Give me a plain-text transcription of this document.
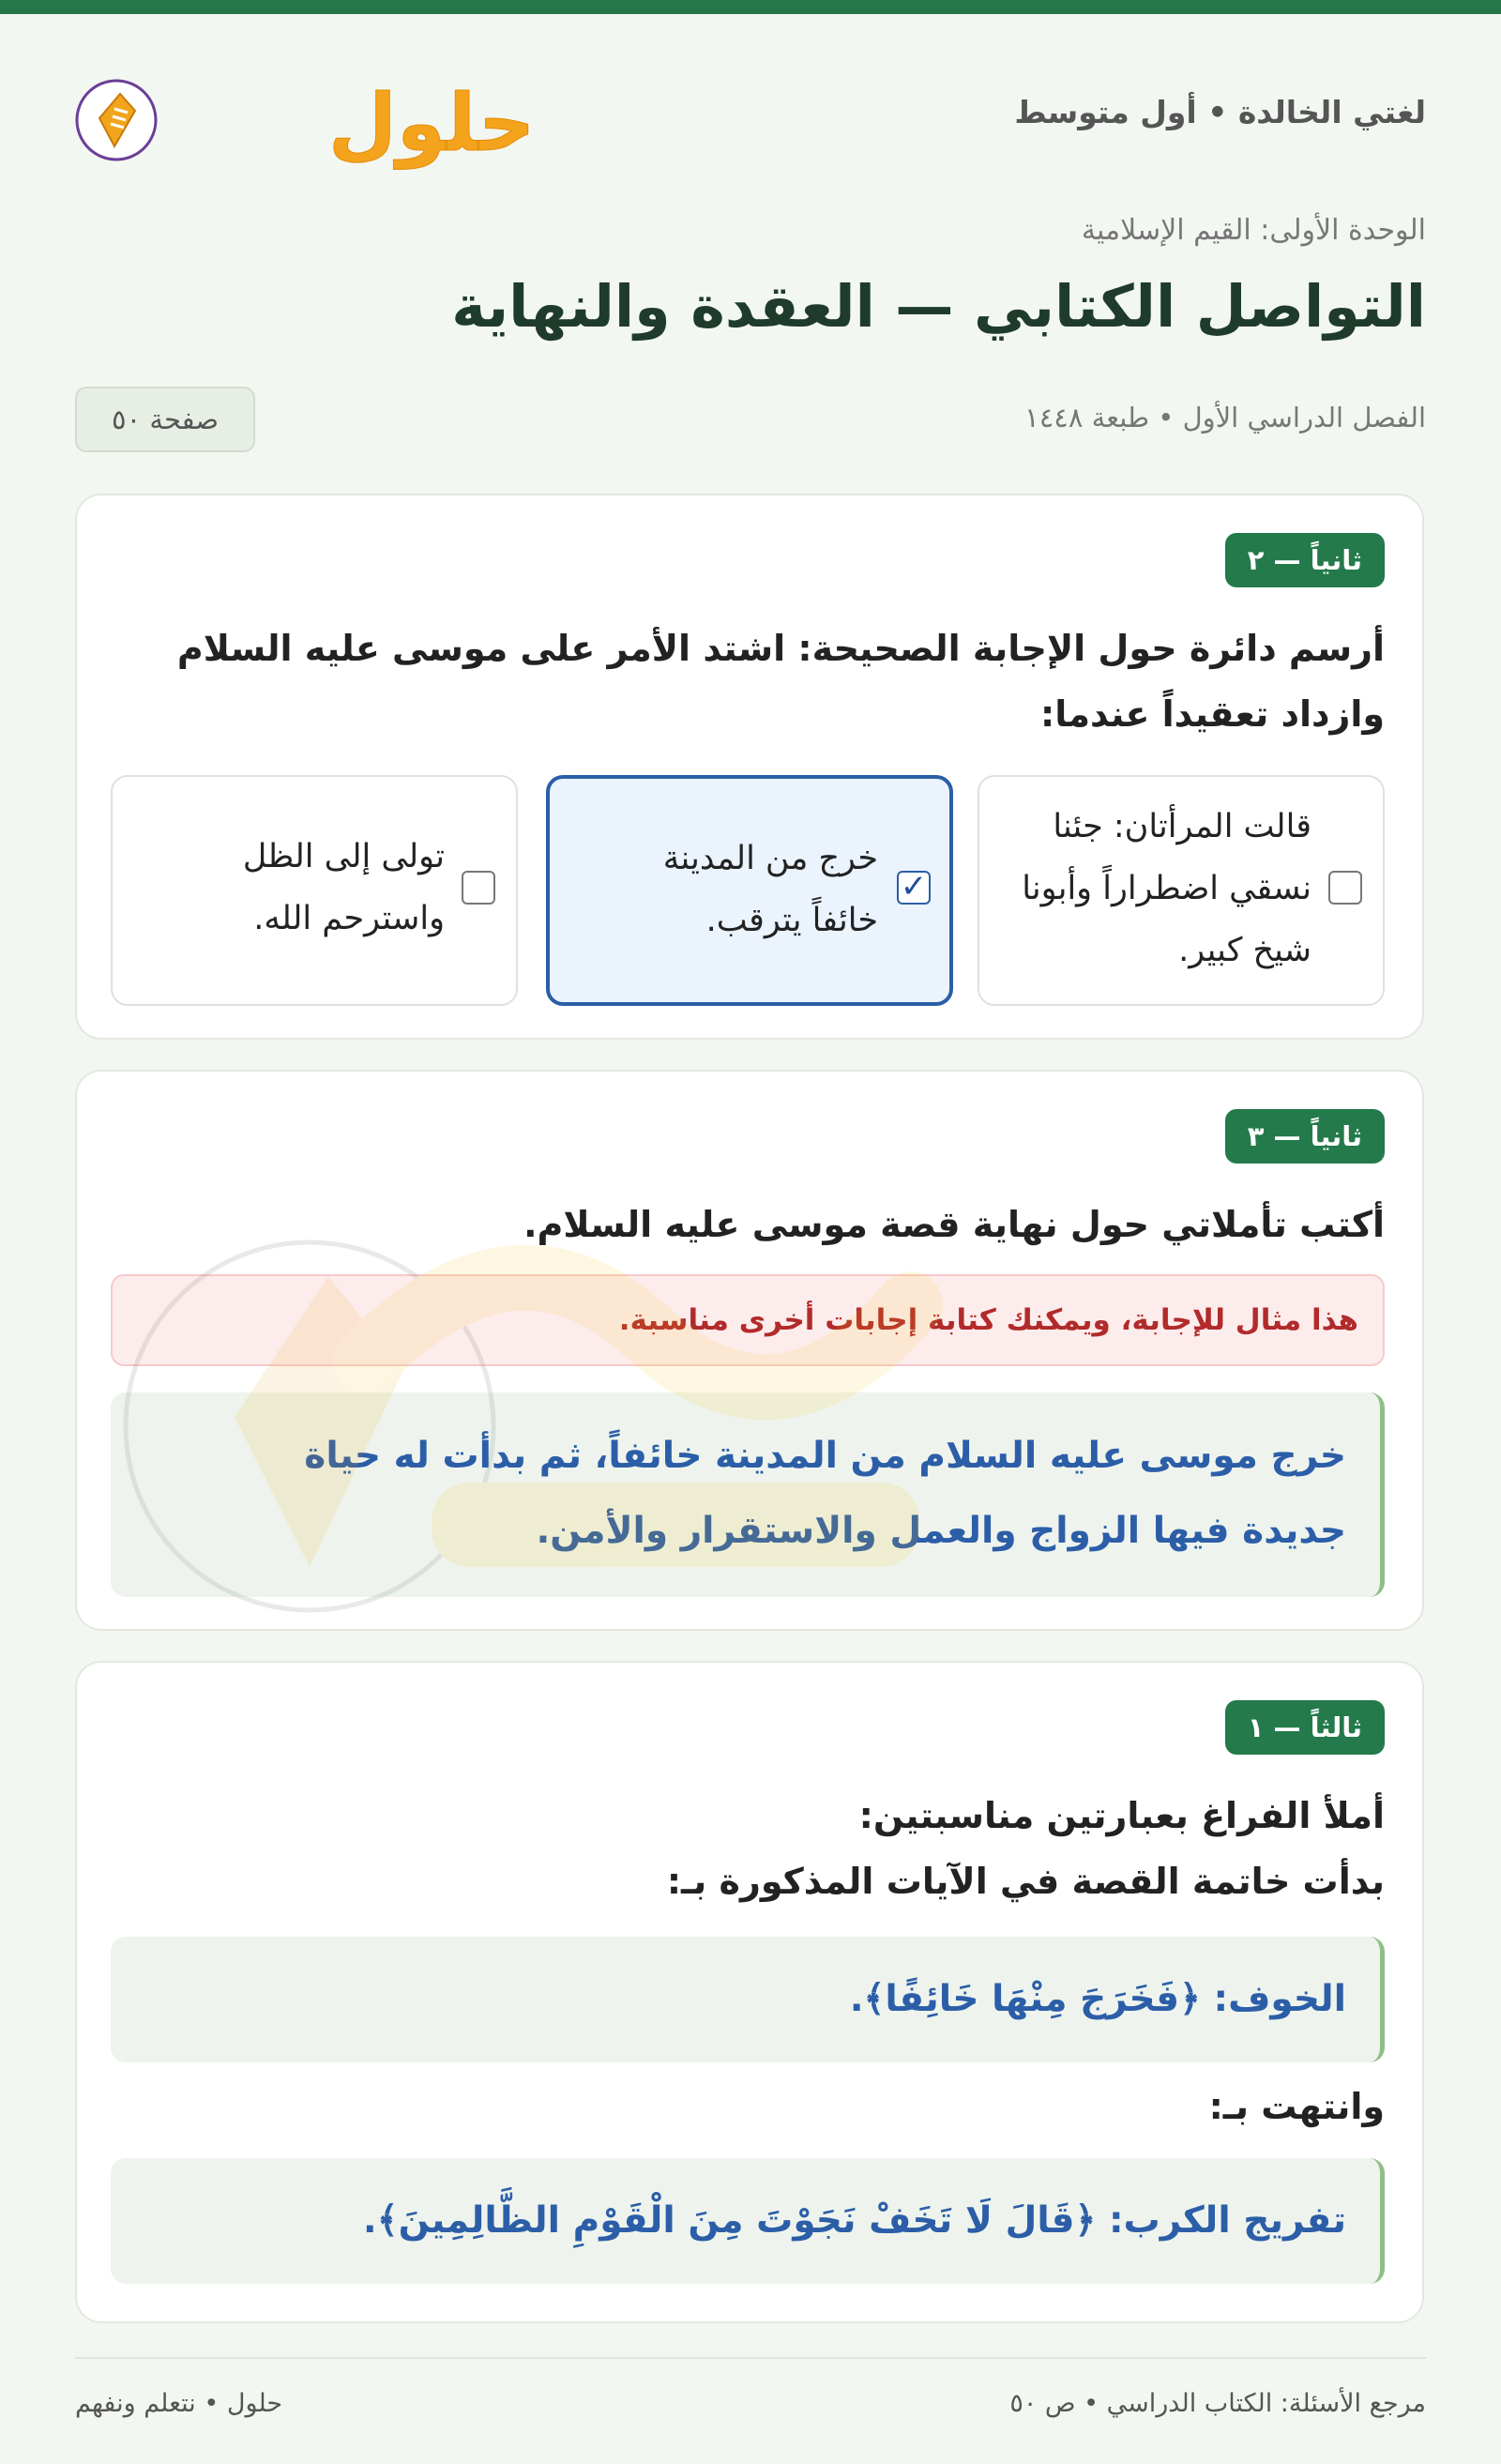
لغتي الخالدة • أول متوسط
حلول
الوحدة الأولى: القيم الإسلامية
التواصل الكتابي — العقدة والنهاية
الفصل الدراسي الأول • طبعة ١٤٤٨
صفحة ٥٠
ثانياً — ٢

أرسم دائرة حول الإجابة الصحيحة: اشتد الأمر على موسى عليه السلام

وازداد تعقيداً عندما:

قالت المرأتان: جئنا
نسقي اضطراراً وأبونا
شيخ كبير.
✓
خرج من المدينة
خائفاً يترقب.
تولى إلى الظل
واسترحم الله.
ثانياً — ٣

أكتب تأملاتي حول نهاية قصة موسى عليه السلام.

هذا مثال للإجابة، ويمكنك كتابة إجابات أخرى مناسبة.
خرج موسى عليه السلام من المدينة خائفاً، ثم بدأت له حياة
جديدة فيها الزواج والعمل والاستقرار والأمن.
ثالثاً — ١

أملأ الفراغ بعبارتين مناسبتين:

بدأت خاتمة القصة في الآيات المذكورة بـ:

الخوف: ﴿فَخَرَجَ مِنْهَا خَائِفًا﴾.

وانتهت بـ:

تفريج الكرب: ﴿قَالَ لَا تَخَفْ نَجَوْتَ مِنَ الْقَوْمِ الظَّالِمِينَ﴾.
مرجع الأسئلة: الكتاب الدراسي • ص ٥٠
حلول • نتعلم ونفهم
